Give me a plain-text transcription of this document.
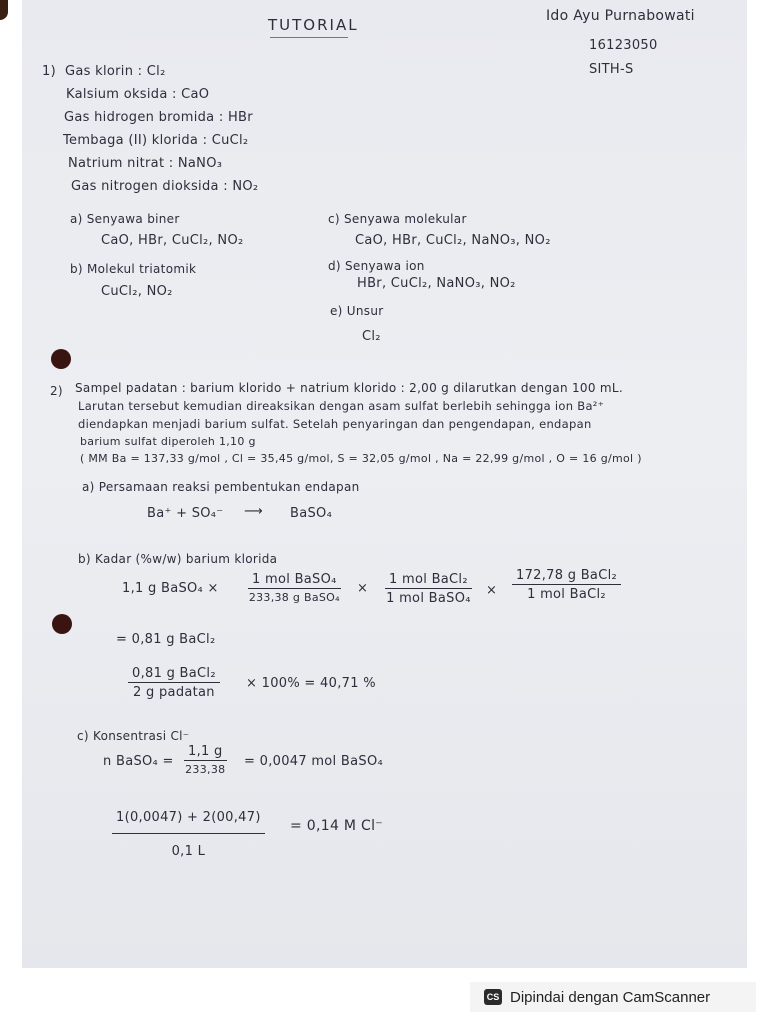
TUTORIAL	Ido Ayu Purnabowati
16123050
SITH-S
1) Gas klorin : Cl₂
Kalsium oksida : CaO
Gas hidrogen bromida : HBr
Tembaga (II) klorida : CuCl₂
Natrium nitrat : NaNO₃
Gas nitrogen dioksida : NO₂
a) Senyawa biner
CaO, HBr, CuCl₂, NO₂
b) Molekul triatomik
CuCl₂, NO₂
c) Senyawa molekular
CaO, HBr, CuCl₂, NaNO₃, NO₂
d) Senyawa ion
HBr, CuCl₂, NaNO₃, NO₂
e) Unsur
Cl₂
2) Sampel padatan : barium klorido + natrium klorido : 2,00 g dilarutkan dengan 100 mL.
Larutan tersebut kemudian direaksikan dengan asam sulfat berlebih sehingga ion Ba²⁺
diendapkan menjadi barium sulfat. Setelah penyaringan dan pengendapan, endapan
barium sulfat diperoleh 1,10 g
( MM Ba = 137,33 g/mol , Cl = 35,45 g/mol, S = 32,05 g/mol , Na = 22,99 g/mol , O = 16 g/mol )
a) Persamaan reaksi pembentukan endapan
Ba⁺ + SO₄⁻ ⟶ BaSO₄
b) Kadar (%w/w) barium klorida
1,1 g BaSO₄ ×
1 mol BaSO₄
233,38 g BaSO₄
×
1 mol BaCl₂
1 mol BaSO₄
×
172,78 g BaCl₂
1 mol BaCl₂
= 0,81 g BaCl₂
0,81 g BaCl₂
2 g padatan
× 100% = 40,71 %
c) Konsentrasi Cl⁻
n BaSO₄ =
1,1 g
233,38
= 0,0047 mol BaSO₄
$\frac{1(0,0047) + 2(00,47)}{0,1 L} = 0,14$ M Cl⁻
CS Dipindai dengan CamScanner
